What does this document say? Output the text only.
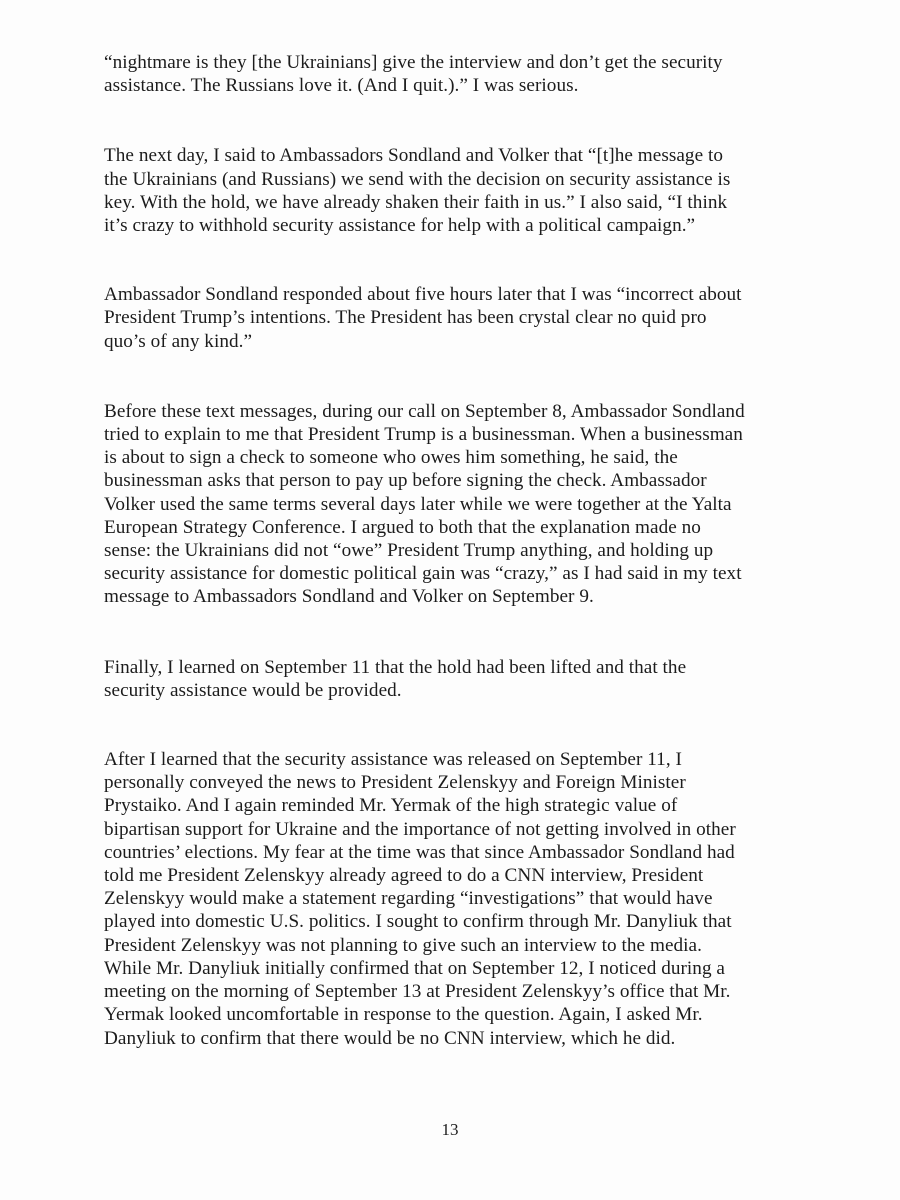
“nightmare is they [the Ukrainians] give the interview and don’t get the security
assistance. The Russians love it. (And I quit.).” I was serious.

The next day, I said to Ambassadors Sondland and Volker that “[t]he message to
the Ukrainians (and Russians) we send with the decision on security assistance is
key. With the hold, we have already shaken their faith in us.” I also said, “I think
it’s crazy to withhold security assistance for help with a political campaign.”

Ambassador Sondland responded about five hours later that I was “incorrect about
President Trump’s intentions. The President has been crystal clear no quid pro
quo’s of any kind.”

Before these text messages, during our call on September 8, Ambassador Sondland
tried to explain to me that President Trump is a businessman. When a businessman
is about to sign a check to someone who owes him something, he said, the
businessman asks that person to pay up before signing the check. Ambassador
Volker used the same terms several days later while we were together at the Yalta
European Strategy Conference. I argued to both that the explanation made no
sense: the Ukrainians did not “owe” President Trump anything, and holding up
security assistance for domestic political gain was “crazy,” as I had said in my text
message to Ambassadors Sondland and Volker on September 9.

Finally, I learned on September 11 that the hold had been lifted and that the
security assistance would be provided.

After I learned that the security assistance was released on September 11, I
personally conveyed the news to President Zelenskyy and Foreign Minister
Prystaiko. And I again reminded Mr. Yermak of the high strategic value of
bipartisan support for Ukraine and the importance of not getting involved in other
countries’ elections. My fear at the time was that since Ambassador Sondland had
told me President Zelenskyy already agreed to do a CNN interview, President
Zelenskyy would make a statement regarding “investigations” that would have
played into domestic U.S. politics. I sought to confirm through Mr. Danyliuk that
President Zelenskyy was not planning to give such an interview to the media.
While Mr. Danyliuk initially confirmed that on September 12, I noticed during a
meeting on the morning of September 13 at President Zelenskyy’s office that Mr.
Yermak looked uncomfortable in response to the question. Again, I asked Mr.
Danyliuk to confirm that there would be no CNN interview, which he did.

13
